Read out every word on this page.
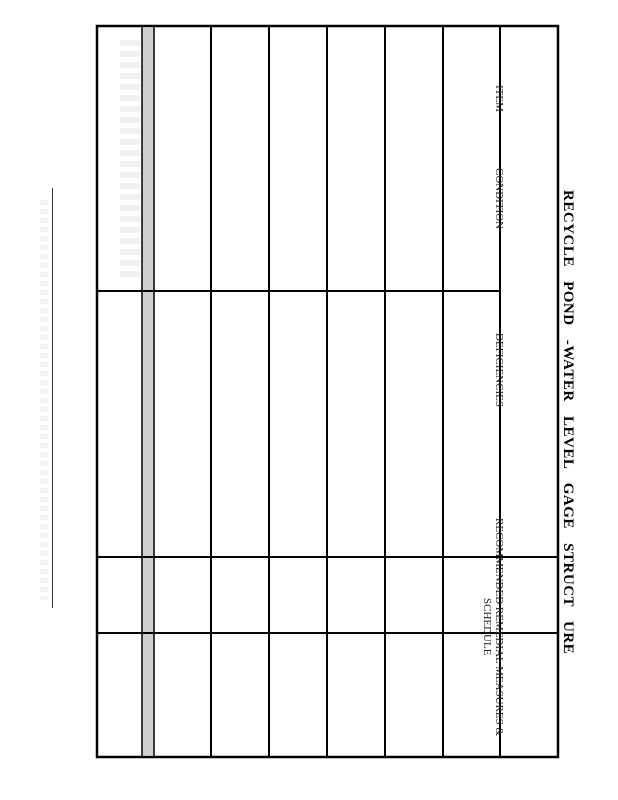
RECYCLE POND -WATER LEVEL GAGE STRUCT URE
ITEM
CONDITION
DEFICIENCIES
RECOMMENDED REMEDIAL MEASURES &
SCHEDULE
